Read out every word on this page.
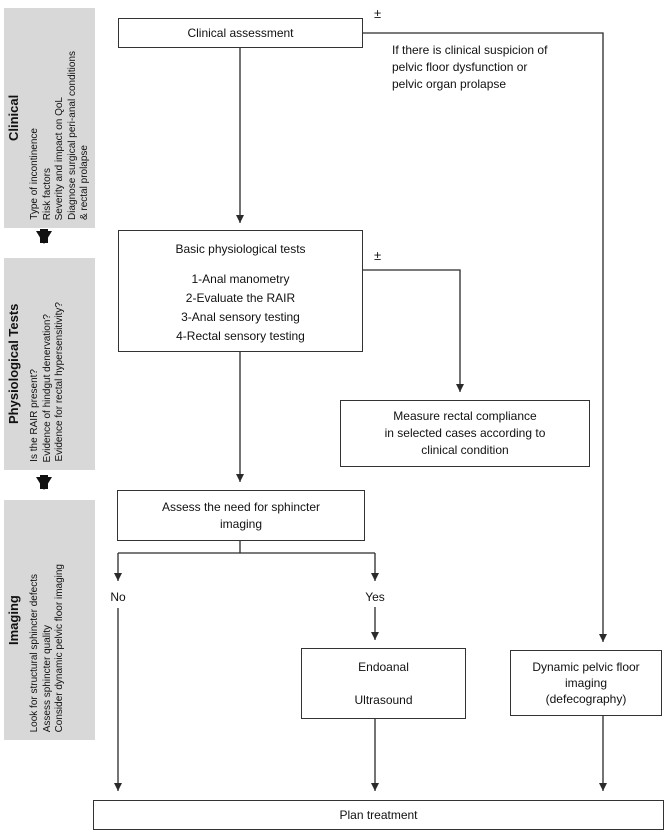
Clinical
Type of incontinence Risk factors Severity and impact on QoL Diagnose surgical peri-anal conditions & rectal prolapse
Physiological Tests Is the RAIR present? Evidence of hindgut denervation? Evidence for rectal hypersensitivity?
Imaging Look for structural sphincter defects Assess sphincter quality Consider dynamic pelvic floor imaging
Clinical assessment
±
If there is clinical suspicion of
pelvic floor dysfunction or
pelvic organ prolapse
Basic physiological tests
1-Anal manometry
2-Evaluate the RAIR
3-Anal sensory testing
4-Rectal sensory testing
±
Measure rectal compliance
in selected cases according to
clinical condition
Assess the need for sphincter
imaging
No	Yes
Endoanal
Ultrasound
Dynamic pelvic floor
imaging
(defecography)
Plan treatment
